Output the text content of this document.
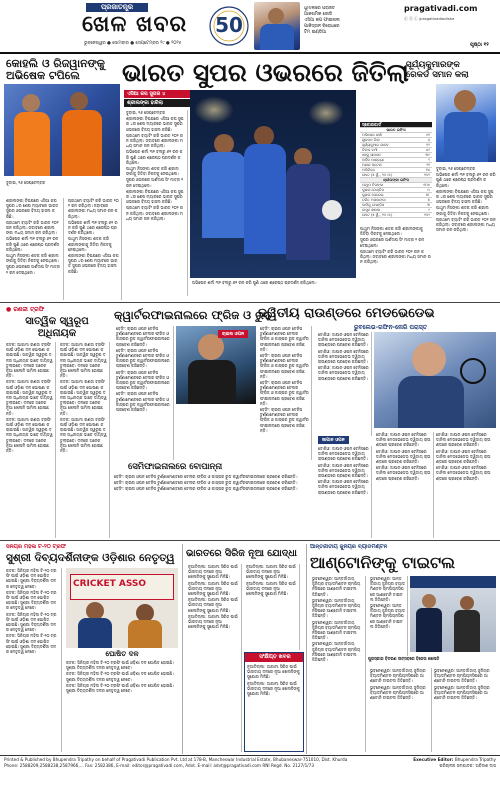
ପ୍ରଜାତନ୍ତ୍ର
ଖେଳ ଖବର
ଭୁବନେଶ୍ୱର ● ସୋମବାର ● ସେପ୍ଟେମ୍ବର ୨୯ ● ୨୦୨୫
50
ଧୁମାଲରେ ପରାଜିତ
ଆକଶମିକ ଜୋଡି
ଏସିଆ କପ ଫାଇନାଲ
ପାକିସ୍ତାନ ବିରୋଧରେ
ଟିମ ଇଣ୍ଡିଆ
pragativadi.com
ⓕ ⓧ ⓘ /pragativadiodisha
ପୃଷ୍ଠା ୧୨
କୋହଲି ଓ ରିଜୱାନଙ୍କୁ
ଅଭିଷେକ ଟପିଲେ	ଭାରତ ସୁପର ଓଭରରେ ଜିତିଲା
ସୂର୍ଯ୍ୟକୁମାରଙ୍କ
ରେକର୍ଡ ସମାନ କଲା
ଦୁବାଇ, ୨୬ ସେପ୍ଟେମ୍ବର

ଶ୍ରୀଲଙ୍କା ବିପକ୍ଷରେ ଏସିଆ କପ ସୁପର ୪ର ଶେଷ ମ୍ୟାଚରେ ଭାରତ ସୁପର ଓଭରରେ ବିଜୟ ହାସଲ କରିଛି।

ପ୍ରଥମେ ବ୍ୟାଟିଂ କରି ଭାରତ ୨୦୨ ରନ କରିଥିଲା। ଜବାବରେ ଶ୍ରୀଲଙ୍କା ମଧ୍ୟ ସମାନ ରନ କରିଥିଲା।

ଅଭିଷେକ ଶର୍ମା ୩୧ ବଲରୁ ୬୧ ରନ କରି ପୁଣି ଥରେ ଶ୍ରେଷ୍ଠ ପ୍ରଦର୍ଶନ କରିଥିଲେ।

ପାଥୁମ ନିସଙ୍କା ଶତକ କରି ଶ୍ରୀଲଙ୍କାକୁ ଜିତିବା ନିକଟକୁ ନେଇଥିଲେ।

ସୁପର ଓଭରରେ ଅର୍ଶଦୀପ ସିଂ ମାତ୍ର ୨ ରନ ଦେଇଥିଲେ।

ପ୍ରଥମେ ବ୍ୟାଟିଂ କରି ଭାରତ ୨୦୨ ରନ କରିଥିଲା। ଜବାବରେ ଶ୍ରୀଲଙ୍କା ମଧ୍ୟ ସମାନ ରନ କରିଥିଲା।

ଅଭିଷେକ ଶର୍ମା ୩୧ ବଲରୁ ୬୧ ରନ କରି ପୁଣି ଥରେ ଶ୍ରେଷ୍ଠ ପ୍ରଦର୍ଶନ କରିଥିଲେ।

ପାଥୁମ ନିସଙ୍କା ଶତକ କରି ଶ୍ରୀଲଙ୍କାକୁ ଜିତିବା ନିକଟକୁ ନେଇଥିଲେ।

ଶ୍ରୀଲଙ୍କା ବିପକ୍ଷରେ ଏସିଆ କପ ସୁପର ୪ର ଶେଷ ମ୍ୟାଚରେ ଭାରତ ସୁପର ଓଭରରେ ବିଜୟ ହାସଲ କରିଛି।

ଏସିଆ କପ ସୁପର ୪
ଶ୍ରୀଲଙ୍କା ହାରିଲା

ଦୁବାଇ, ୨୬ ସେପ୍ଟେମ୍ବର

ଶ୍ରୀଲଙ୍କା ବିପକ୍ଷରେ ଏସିଆ କପ ସୁପର ୪ର ଶେଷ ମ୍ୟାଚରେ ଭାରତ ସୁପର ଓଭରରେ ବିଜୟ ହାସଲ କରିଛି।

ପ୍ରଥମେ ବ୍ୟାଟିଂ କରି ଭାରତ ୨୦୨ ରନ କରିଥିଲା। ଜବାବରେ ଶ୍ରୀଲଙ୍କା ମଧ୍ୟ ସମାନ ରନ କରିଥିଲା।

ଅଭିଷେକ ଶର୍ମା ୩୧ ବଲରୁ ୬୧ ରନ କରି ପୁଣି ଥରେ ଶ୍ରେଷ୍ଠ ପ୍ରଦର୍ଶନ କରିଥିଲେ।

ପାଥୁମ ନିସଙ୍କା ଶତକ କରି ଶ୍ରୀଲଙ୍କାକୁ ଜିତିବା ନିକଟକୁ ନେଇଥିଲେ।

ସୁପର ଓଭରରେ ଅର୍ଶଦୀପ ସିଂ ମାତ୍ର ୨ ରନ ଦେଇଥିଲେ।

ଶ୍ରୀଲଙ୍କା ବିପକ୍ଷରେ ଏସିଆ କପ ସୁପର ୪ର ଶେଷ ମ୍ୟାଚରେ ଭାରତ ସୁପର ଓଭରରେ ବିଜୟ ହାସଲ କରିଛି।

ପ୍ରଥମେ ବ୍ୟାଟିଂ କରି ଭାରତ ୨୦୨ ରନ କରିଥିଲା। ଜବାବରେ ଶ୍ରୀଲଙ୍କା ମଧ୍ୟ ସମାନ ରନ କରିଥିଲା।

ଅଭିଷେକ ଶର୍ମା ୩୧ ବଲରୁ ୬୧ ରନ କରି ପୁଣି ଥରେ ଶ୍ରେଷ୍ଠ ପ୍ରଦର୍ଶନ କରିଥିଲେ।
ସ୍କୋରକାର୍ଡ
ଭାରତ ଇନିଂସ
ଅଭିଷେକ ଶର୍ମା	୬୧
ଶୁଭମନ ଗିଲ	୪
ସୂର୍ଯ୍ୟକୁମାର ଯାଦବ	୧୨
ତିଲକ ବର୍ମା	୪୯
ସଞ୍ଜୁ ସାମସନ	୩୯
ହାର୍ଦିକ ପାଣ୍ଡ୍ୟା	୨
ଅକ୍ଷର ପଟେଲ	୨୧
ଅତିରିକ୍ତ	୧୪
ମୋଟ (୫ ୱି., ୨୦ ଓ.)	୨୦୨
ଶ୍ରୀଲଙ୍କା ଇନିଂସ
ପାଥୁମ ନିସଙ୍କା	୧୦୭
କୁଶଲ ମେଣ୍ଡିସ	୦
କୁଶଲ ପେରେରା	୫୮
ଚରିତ ଅସଲଙ୍କା	୫
କାମିନ୍ଦୁ ମେଣ୍ଡିସ	୩
ଦାସୁନ ଶନାକା	୯
ମୋଟ (୫ ୱି., ୨୦ ଓ.)	୨୦୨

ପାଥୁମ ନିସଙ୍କା ଶତକ କରି ଶ୍ରୀଲଙ୍କାକୁ ଜିତିବା ନିକଟକୁ ନେଇଥିଲେ।

ସୁପର ଓଭରରେ ଅର୍ଶଦୀପ ସିଂ ମାତ୍ର ୨ ରନ ଦେଇଥିଲେ।

ପ୍ରଥମେ ବ୍ୟାଟିଂ କରି ଭାରତ ୨୦୨ ରନ କରିଥିଲା। ଜବାବରେ ଶ୍ରୀଲଙ୍କା ମଧ୍ୟ ସମାନ ରନ କରିଥିଲା।

ଦୁବାଇ, ୨୬ ସେପ୍ଟେମ୍ବର

ଅଭିଷେକ ଶର୍ମା ୩୧ ବଲରୁ ୬୧ ରନ କରି ପୁଣି ଥରେ ଶ୍ରେଷ୍ଠ ପ୍ରଦର୍ଶନ କରିଥିଲେ।

ଶ୍ରୀଲଙ୍କା ବିପକ୍ଷରେ ଏସିଆ କପ ସୁପର ୪ର ଶେଷ ମ୍ୟାଚରେ ଭାରତ ସୁପର ଓଭରରେ ବିଜୟ ହାସଲ କରିଛି।

ପାଥୁମ ନିସଙ୍କା ଶତକ କରି ଶ୍ରୀଲଙ୍କାକୁ ଜିତିବା ନିକଟକୁ ନେଇଥିଲେ।

ପ୍ରଥମେ ବ୍ୟାଟିଂ କରି ଭାରତ ୨୦୨ ରନ କରିଥିଲା। ଜବାବରେ ଶ୍ରୀଲଙ୍କା ମଧ୍ୟ ସମାନ ରନ କରିଥିଲା।

● ରଣଜୀ ଟ୍ରଫି
ସାତ୍ୱିକ ସ୍ୱରୂପ
ଅଧିନାୟକ

କଟକ: ଆଗାମୀ ରଣଜୀ ଟ୍ରଫି ପାଇଁ ଓଡ଼ିଶା ଦଳ ଘୋଷଣା କରାଯାଇଛି। ସାତ୍ୱିକ ସ୍ୱରୂପ ଦଳର ଅଧିନାୟକ ଭାବେ ଦାୟିତ୍ୱ ତୁଲାଇବେ। ଦଳରେ ଅନେକ ନୂଆ ଖେଳାଳି ସାମିଲ ହୋଇଛନ୍ତି।

କଟକ: ଆଗାମୀ ରଣଜୀ ଟ୍ରଫି ପାଇଁ ଓଡ଼ିଶା ଦଳ ଘୋଷଣା କରାଯାଇଛି। ସାତ୍ୱିକ ସ୍ୱରୂପ ଦଳର ଅଧିନାୟକ ଭାବେ ଦାୟିତ୍ୱ ତୁଲାଇବେ। ଦଳରେ ଅନେକ ନୂଆ ଖେଳାଳି ସାମିଲ ହୋଇଛନ୍ତି।

କଟକ: ଆଗାମୀ ରଣଜୀ ଟ୍ରଫି ପାଇଁ ଓଡ଼ିଶା ଦଳ ଘୋଷଣା କରାଯାଇଛି। ସାତ୍ୱିକ ସ୍ୱରୂପ ଦଳର ଅଧିନାୟକ ଭାବେ ଦାୟିତ୍ୱ ତୁଲାଇବେ। ଦଳରେ ଅନେକ ନୂଆ ଖେଳାଳି ସାମିଲ ହୋଇଛନ୍ତି।

କଟକ: ଆଗାମୀ ରଣଜୀ ଟ୍ରଫି ପାଇଁ ଓଡ଼ିଶା ଦଳ ଘୋଷଣା କରାଯାଇଛି। ସାତ୍ୱିକ ସ୍ୱରୂପ ଦଳର ଅଧିନାୟକ ଭାବେ ଦାୟିତ୍ୱ ତୁଲାଇବେ। ଦଳରେ ଅନେକ ନୂଆ ଖେଳାଳି ସାମିଲ ହୋଇଛନ୍ତି।

କଟକ: ଆଗାମୀ ରଣଜୀ ଟ୍ରଫି ପାଇଁ ଓଡ଼ିଶା ଦଳ ଘୋଷଣା କରାଯାଇଛି। ସାତ୍ୱିକ ସ୍ୱରୂପ ଦଳର ଅଧିନାୟକ ଭାବେ ଦାୟିତ୍ୱ ତୁଲାଇବେ। ଦଳରେ ଅନେକ ନୂଆ ଖେଳାଳି ସାମିଲ ହୋଇଛନ୍ତି।

କଟକ: ଆଗାମୀ ରଣଜୀ ଟ୍ରଫି ପାଇଁ ଓଡ଼ିଶା ଦଳ ଘୋଷଣା କରାଯାଇଛି। ସାତ୍ୱିକ ସ୍ୱରୂପ ଦଳର ଅଧିନାୟକ ଭାବେ ଦାୟିତ୍ୱ ତୁଲାଇବେ। ଦଳରେ ଅନେକ ନୂଆ ଖେଳାଳି ସାମିଲ ହୋଇଛନ୍ତି।

କ୍ୱାର୍ଟରଫାଇନାଲରେ ଫ୍ରିଜ ଓ ରୁଡ

ବେଜିଂ: ଚାଇନା ଓପନ ଟେନିସ ଟୁର୍ଣ୍ଣାମେଣ୍ଟରେ ଟେଲର ଫ୍ରିଜ ଓ କାସ୍ପର ରୁଡ କ୍ୱାର୍ଟରଫାଇନାଲରେ ପ୍ରବେଶ କରିଛନ୍ତି।

ବେଜିଂ: ଚାଇନା ଓପନ ଟେନିସ ଟୁର୍ଣ୍ଣାମେଣ୍ଟରେ ଟେଲର ଫ୍ରିଜ ଓ କାସ୍ପର ରୁଡ କ୍ୱାର୍ଟରଫାଇନାଲରେ ପ୍ରବେଶ କରିଛନ୍ତି।

ବେଜିଂ: ଚାଇନା ଓପନ ଟେନିସ ଟୁର୍ଣ୍ଣାମେଣ୍ଟରେ ଟେଲର ଫ୍ରିଜ ଓ କାସ୍ପର ରୁଡ କ୍ୱାର୍ଟରଫାଇନାଲରେ ପ୍ରବେଶ କରିଛନ୍ତି।

ବେଜିଂ: ଚାଇନା ଓପନ ଟେନିସ ଟୁର୍ଣ୍ଣାମେଣ୍ଟରେ ଟେଲର ଫ୍ରିଜ ଓ କାସ୍ପର ରୁଡ କ୍ୱାର୍ଟରଫାଇନାଲରେ ପ୍ରବେଶ କରିଛନ୍ତି।

ଚାଇନା ଓପନ

ବେଜିଂ: ଚାଇନା ଓପନ ଟେନିସ ଟୁର୍ଣ୍ଣାମେଣ୍ଟରେ ଟେଲର ଫ୍ରିଜ ଓ କାସ୍ପର ରୁଡ କ୍ୱାର୍ଟରଫାଇନାଲରେ ପ୍ରବେଶ କରିଛନ୍ତି।

ବେଜିଂ: ଚାଇନା ଓପନ ଟେନିସ ଟୁର୍ଣ୍ଣାମେଣ୍ଟରେ ଟେଲର ଫ୍ରିଜ ଓ କାସ୍ପର ରୁଡ କ୍ୱାର୍ଟରଫାଇନାଲରେ ପ୍ରବେଶ କରିଛନ୍ତି।

ବେଜିଂ: ଚାଇନା ଓପନ ଟେନିସ ଟୁର୍ଣ୍ଣାମେଣ୍ଟରେ ଟେଲର ଫ୍ରିଜ ଓ କାସ୍ପର ରୁଡ କ୍ୱାର୍ଟରଫାଇନାଲରେ ପ୍ରବେଶ କରିଛନ୍ତି।

ବେଜିଂ: ଚାଇନା ଓପନ ଟେନିସ ଟୁର୍ଣ୍ଣାମେଣ୍ଟରେ ଟେଲର ଫ୍ରିଜ ଓ କାସ୍ପର ରୁଡ କ୍ୱାର୍ଟରଫାଇନାଲରେ ପ୍ରବେଶ କରିଛନ୍ତି।

ସେମିଫାଇନାଲରେ ବୋପାନ୍ନା

ବେଜିଂ: ଚାଇନା ଓପନ ଟେନିସ ଟୁର୍ଣ୍ଣାମେଣ୍ଟରେ ଟେଲର ଫ୍ରିଜ ଓ କାସ୍ପର ରୁଡ କ୍ୱାର୍ଟରଫାଇନାଲରେ ପ୍ରବେଶ କରିଛନ୍ତି।

ବେଜିଂ: ଚାଇନା ଓପନ ଟେନିସ ଟୁର୍ଣ୍ଣାମେଣ୍ଟରେ ଟେଲର ଫ୍ରିଜ ଓ କାସ୍ପର ରୁଡ କ୍ୱାର୍ଟରଫାଇନାଲରେ ପ୍ରବେଶ କରିଛନ୍ତି।

ବେଜିଂ: ଚାଇନା ଓପନ ଟେନିସ ଟୁର୍ଣ୍ଣାମେଣ୍ଟରେ ଟେଲର ଫ୍ରିଜ ଓ କାସ୍ପର ରୁଡ କ୍ୱାର୍ଟରଫାଇନାଲରେ ପ୍ରବେଶ କରିଛନ୍ତି।

ଦ୍ୱିତୀୟ ରାଉଣ୍ଡରେ ମେଡଭେଡେଭ
ରୁବଲେଭ-ଗଫିନ-ନୋରି ପରାସ୍ତ

ଟୋକିଓ: ଜାପାନ ଓପନ ଟେନିସରେ ଡାନିଲ ମେଡଭେଡେଭ ଦ୍ୱିତୀୟ ରାଉଣ୍ଡରେ ପ୍ରବେଶ କରିଛନ୍ତି।

ଟୋକିଓ: ଜାପାନ ଓପନ ଟେନିସରେ ଡାନିଲ ମେଡଭେଡେଭ ଦ୍ୱିତୀୟ ରାଉଣ୍ଡରେ ପ୍ରବେଶ କରିଛନ୍ତି।

ଟୋକିଓ: ଜାପାନ ଓପନ ଟେନିସରେ ଡାନିଲ ମେଡଭେଡେଭ ଦ୍ୱିତୀୟ ରାଉଣ୍ଡରେ ପ୍ରବେଶ କରିଛନ୍ତି।

ଜାପାନ ଓପନ

ଟୋକିଓ: ଜାପାନ ଓପନ ଟେନିସରେ ଡାନିଲ ମେଡଭେଡେଭ ଦ୍ୱିତୀୟ ରାଉଣ୍ଡରେ ପ୍ରବେଶ କରିଛନ୍ତି।

ଟୋକିଓ: ଜାପାନ ଓପନ ଟେନିସରେ ଡାନିଲ ମେଡଭେଡେଭ ଦ୍ୱିତୀୟ ରାଉଣ୍ଡରେ ପ୍ରବେଶ କରିଛନ୍ତି।

ଟୋକିଓ: ଜାପାନ ଓପନ ଟେନିସରେ ଡାନିଲ ମେଡଭେଡେଭ ଦ୍ୱିତୀୟ ରାଉଣ୍ଡରେ ପ୍ରବେଶ କରିଛନ୍ତି।

ଟୋକିଓ: ଜାପାନ ଓପନ ଟେନିସରେ ଡାନିଲ ମେଡଭେଡେଭ ଦ୍ୱିତୀୟ ରାଉଣ୍ଡରେ ପ୍ରବେଶ କରିଛନ୍ତି।

ଟୋକିଓ: ଜାପାନ ଓପନ ଟେନିସରେ ଡାନିଲ ମେଡଭେଡେଭ ଦ୍ୱିତୀୟ ରାଉଣ୍ଡରେ ପ୍ରବେଶ କରିଛନ୍ତି।

ଟୋକିଓ: ଜାପାନ ଓପନ ଟେନିସରେ ଡାନିଲ ମେଡଭେଡେଭ ଦ୍ୱିତୀୟ ରାଉଣ୍ଡରେ ପ୍ରବେଶ କରିଛନ୍ତି।

ଟୋକିଓ: ଜାପାନ ଓପନ ଟେନିସରେ ଡାନିଲ ମେଡଭେଡେଭ ଦ୍ୱିତୀୟ ରାଉଣ୍ଡରେ ପ୍ରବେଶ କରିଛନ୍ତି।

ଟୋକିଓ: ଜାପାନ ଓପନ ଟେନିସରେ ଡାନିଲ ମେଡଭେଡେଭ ଦ୍ୱିତୀୟ ରାଉଣ୍ଡରେ ପ୍ରବେଶ କରିଛନ୍ତି।

ଟୋକିଓ: ଜାପାନ ଓପନ ଟେନିସରେ ଡାନିଲ ମେଡଭେଡେଭ ଦ୍ୱିତୀୟ ରାଉଣ୍ଡରେ ପ୍ରବେଶ କରିଛନ୍ତି।

ସିନିୟର ମହିଳା ଟି-୨୦ ଟ୍ରଫି
ସୁଶ୍ରୀ ଦିବ୍ୟଦର୍ଶିନୀଙ୍କ ଓଡ଼ିଶାର ନେତୃତ୍ୱ

କଟକ: ସିନିୟର ମହିଳା ଟି-୨୦ ଟ୍ରଫି ପାଇଁ ଓଡ଼ିଶା ଦଳ ଘୋଷିତ ହୋଇଛି। ସୁଶ୍ରୀ ଦିବ୍ୟଦର୍ଶିନୀ ଦଳର ନେତୃତ୍ୱ ନେବେ।

କଟକ: ସିନିୟର ମହିଳା ଟି-୨୦ ଟ୍ରଫି ପାଇଁ ଓଡ଼ିଶା ଦଳ ଘୋଷିତ ହୋଇଛି। ସୁଶ୍ରୀ ଦିବ୍ୟଦର୍ଶିନୀ ଦଳର ନେତୃତ୍ୱ ନେବେ।

କଟକ: ସିନିୟର ମହିଳା ଟି-୨୦ ଟ୍ରଫି ପାଇଁ ଓଡ଼ିଶା ଦଳ ଘୋଷିତ ହୋଇଛି। ସୁଶ୍ରୀ ଦିବ୍ୟଦର୍ଶିନୀ ଦଳର ନେତୃତ୍ୱ ନେବେ।

କଟକ: ସିନିୟର ମହିଳା ଟି-୨୦ ଟ୍ରଫି ପାଇଁ ଓଡ଼ିଶା ଦଳ ଘୋଷିତ ହୋଇଛି। ସୁଶ୍ରୀ ଦିବ୍ୟଦର୍ଶିନୀ ଦଳର ନେତୃତ୍ୱ ନେବେ।

CRICKET ASSO
ଘୋଷିତ ଦଳ

କଟକ: ସିନିୟର ମହିଳା ଟି-୨୦ ଟ୍ରଫି ପାଇଁ ଓଡ଼ିଶା ଦଳ ଘୋଷିତ ହୋଇଛି। ସୁଶ୍ରୀ ଦିବ୍ୟଦର୍ଶିନୀ ଦଳର ନେତୃତ୍ୱ ନେବେ।

କଟକ: ସିନିୟର ମହିଳା ଟି-୨୦ ଟ୍ରଫି ପାଇଁ ଓଡ଼ିଶା ଦଳ ଘୋଷିତ ହୋଇଛି। ସୁଶ୍ରୀ ଦିବ୍ୟଦର୍ଶିନୀ ଦଳର ନେତୃତ୍ୱ ନେବେ।

କଟକ: ସିନିୟର ମହିଳା ଟି-୨୦ ଟ୍ରଫି ପାଇଁ ଓଡ଼ିଶା ଦଳ ଘୋଷିତ ହୋଇଛି। ସୁଶ୍ରୀ ଦିବ୍ୟଦର୍ଶିନୀ ଦଳର ନେତୃତ୍ୱ ନେବେ।

ଭାରତରେ ସିରିଜ ନୂଆ ଯୋଦ୍ଧା

ନୂଆଦିଲ୍ଲୀ: ଆଗାମୀ ସିରିଜ ପାଇଁ ଭାରତୀୟ ଦଳରେ ନୂଆ ଖେଳାଳିଙ୍କୁ ସୁଯୋଗ ମିଳିଛି।

ନୂଆଦିଲ୍ଲୀ: ଆଗାମୀ ସିରିଜ ପାଇଁ ଭାରତୀୟ ଦଳରେ ନୂଆ ଖେଳାଳିଙ୍କୁ ସୁଯୋଗ ମିଳିଛି।

ନୂଆଦିଲ୍ଲୀ: ଆଗାମୀ ସିରିଜ ପାଇଁ ଭାରତୀୟ ଦଳରେ ନୂଆ ଖେଳାଳିଙ୍କୁ ସୁଯୋଗ ମିଳିଛି।

ନୂଆଦିଲ୍ଲୀ: ଆଗାମୀ ସିରିଜ ପାଇଁ ଭାରତୀୟ ଦଳରେ ନୂଆ ଖେଳାଳିଙ୍କୁ ସୁଯୋଗ ମିଳିଛି।

ନୂଆଦିଲ୍ଲୀ: ଆଗାମୀ ସିରିଜ ପାଇଁ ଭାରତୀୟ ଦଳରେ ନୂଆ ଖେଳାଳିଙ୍କୁ ସୁଯୋଗ ମିଳିଛି।

ନୂଆଦିଲ୍ଲୀ: ଆଗାମୀ ସିରିଜ ପାଇଁ ଭାରତୀୟ ଦଳରେ ନୂଆ ଖେଳାଳିଙ୍କୁ ସୁଯୋଗ ମିଳିଛି।

ସଂକ୍ଷିପ୍ତ ଖବର

ନୂଆଦିଲ୍ଲୀ: ଆଗାମୀ ସିରିଜ ପାଇଁ ଭାରତୀୟ ଦଳରେ ନୂଆ ଖେଳାଳିଙ୍କୁ ସୁଯୋଗ ମିଳିଛି।

ନୂଆଦିଲ୍ଲୀ: ଆଗାମୀ ସିରିଜ ପାଇଁ ଭାରତୀୟ ଦଳରେ ନୂଆ ଖେଳାଳିଙ୍କୁ ସୁଯୋଗ ମିଳିଛି।

ଆନ୍ତର୍ଜାତୀୟ ଜୁନିୟର ବ୍ୟାଡମିଣ୍ଟନ
ଆଣ୍ଟୋନିଙ୍କୁ ଟାଇଟଲ

ଭୁବନେଶ୍ୱର: ଆନ୍ତର୍ଜାତୀୟ ଜୁନିୟର ବ୍ୟାଡମିଣ୍ଟନ ଚାମ୍ପିୟନସିପରେ ଆଣ୍ଟୋନି ଟାଇଟଲ ଜିତିଛନ୍ତି।

ଭୁବନେଶ୍ୱର: ଆନ୍ତର୍ଜାତୀୟ ଜୁନିୟର ବ୍ୟାଡମିଣ୍ଟନ ଚାମ୍ପିୟନସିପରେ ଆଣ୍ଟୋନି ଟାଇଟଲ ଜିତିଛନ୍ତି।

ଭୁବନେଶ୍ୱର: ଆନ୍ତର୍ଜାତୀୟ ଜୁନିୟର ବ୍ୟାଡମିଣ୍ଟନ ଚାମ୍ପିୟନସିପରେ ଆଣ୍ଟୋନି ଟାଇଟଲ ଜିତିଛନ୍ତି।

ଭୁବନେଶ୍ୱର: ଆନ୍ତର୍ଜାତୀୟ ଜୁନିୟର ବ୍ୟାଡମିଣ୍ଟନ ଚାମ୍ପିୟନସିପରେ ଆଣ୍ଟୋନି ଟାଇଟଲ ଜିତିଛନ୍ତି।

ଭୁବନେଶ୍ୱର: ଆନ୍ତର୍ଜାତୀୟ ଜୁନିୟର ବ୍ୟାଡମିଣ୍ଟନ ଚାମ୍ପିୟନସିପରେ ଆଣ୍ଟୋନି ଟାଇଟଲ ଜିତିଛନ୍ତି।

ଭୁବନେଶ୍ୱର: ଆନ୍ତର୍ଜାତୀୟ ଜୁନିୟର ବ୍ୟାଡମିଣ୍ଟନ ଚାମ୍ପିୟନସିପରେ ଆଣ୍ଟୋନି ଟାଇଟଲ ଜିତିଛନ୍ତି।

ପୁରସ୍କାର ବିତରଣ ଉତ୍ସବରେ ବିଜେତା ଖେଳାଳି

ଭୁବନେଶ୍ୱର: ଆନ୍ତର୍ଜାତୀୟ ଜୁନିୟର ବ୍ୟାଡମିଣ୍ଟନ ଚାମ୍ପିୟନସିପରେ ଆଣ୍ଟୋନି ଟାଇଟଲ ଜିତିଛନ୍ତି।

ଭୁବନେଶ୍ୱର: ଆନ୍ତର୍ଜାତୀୟ ଜୁନିୟର ବ୍ୟାଡମିଣ୍ଟନ ଚାମ୍ପିୟନସିପରେ ଆଣ୍ଟୋନି ଟାଇଟଲ ଜିତିଛନ୍ତି।

ଭୁବନେଶ୍ୱର: ଆନ୍ତର୍ଜାତୀୟ ଜୁନିୟର ବ୍ୟାଡମିଣ୍ଟନ ଚାମ୍ପିୟନସିପରେ ଆଣ୍ଟୋନି ଟାଇଟଲ ଜିତିଛନ୍ତି।

ଭୁବନେଶ୍ୱର: ଆନ୍ତର୍ଜାତୀୟ ଜୁନିୟର ବ୍ୟାଡମିଣ୍ଟନ ଚାମ୍ପିୟନସିପରେ ଆଣ୍ଟୋନି ଟାଇଟଲ ଜିତିଛନ୍ତି।

Printed & Published by Bhupendra Tripathy on behalf of Pragativadi Publication Pvt. Ltd at 178-B, Mancheswar Industrial Estate, Bhubaneswar-751010, Dist. Khurda	Executive Editor: Bhupendra Tripathy
Phone: 2588209,2588238,2587966,... Fax: 2582386, E-mail: editor@pragativadi.com, Advt. E-mail: advt@pragativadi.com RNI Regd. No. 2127/1/73	ପରିଚାଳନା ସମ୍ପାଦକ: ଅବିନାଶ ଦାସ
